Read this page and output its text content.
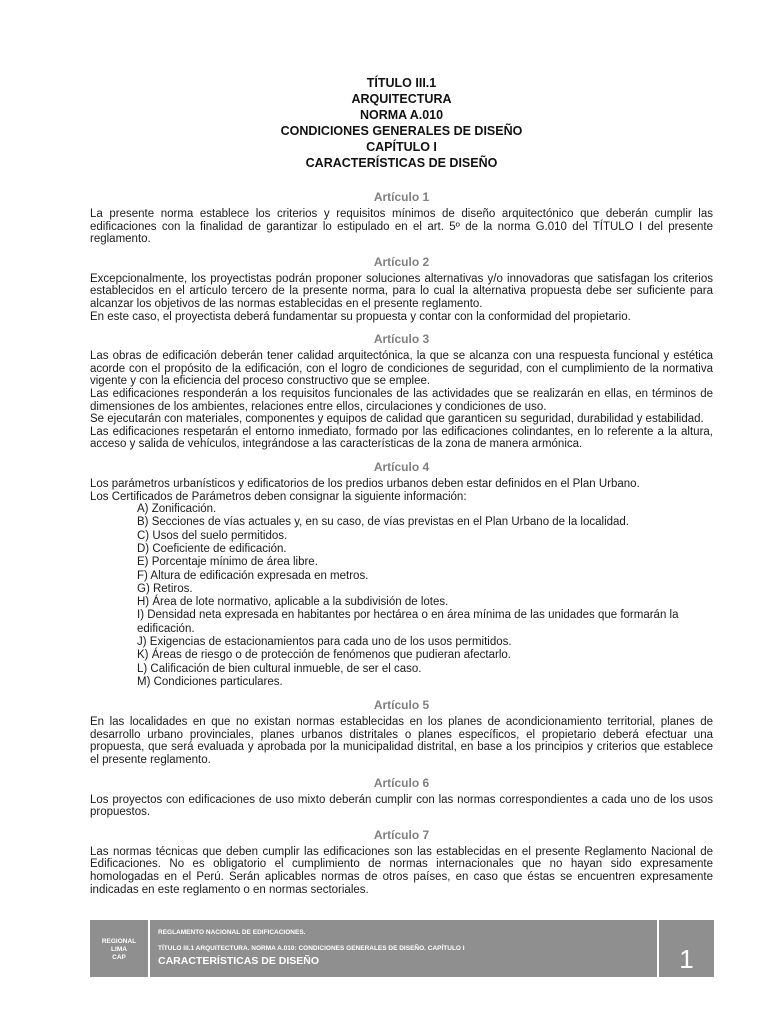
TÍTULO III.1
ARQUITECTURA
NORMA A.010
CONDICIONES GENERALES DE DISEÑO
CAPÍTULO I
CARACTERÍSTICAS DE DISEÑO
Artículo 1

La presente norma establece los criterios y requisitos mínimos de diseño arquitectónico que deberán cumplir las edificaciones con la finalidad de garantizar lo estipulado en el art. 5º de la norma G.010 del TÍTULO I del presente reglamento.

Artículo 2

Excepcionalmente, los proyectistas podrán proponer soluciones alternativas y/o innovadoras que satisfagan los criterios establecidos en el artículo tercero de la presente norma, para lo cual la alternativa propuesta debe ser suficiente para alcanzar los objetivos de las normas establecidas en el presente reglamento.

En este caso, el proyectista deberá fundamentar su propuesta y contar con la conformidad del propietario.

Artículo 3

Las obras de edificación deberán tener calidad arquitectónica, la que se alcanza con una respuesta funcional y estética acorde con el propósito de la edificación, con el logro de condiciones de seguridad, con el cumplimiento de la normativa vigente y con la eficiencia del proceso constructivo que se emplee.

Las edificaciones responderán a los requisitos funcionales de las actividades que se realizarán en ellas, en términos de dimensiones de los ambientes, relaciones entre ellos, circulaciones y condiciones de uso.

Se ejecutarán con materiales, componentes y equipos de calidad que garanticen su seguridad, durabilidad y estabilidad.

Las edificaciones respetarán el entorno inmediato, formado por las edificaciones colindantes, en lo referente a la altura, acceso y salida de vehículos, integrándose a las características de la zona de manera armónica.

Artículo 4

Los parámetros urbanísticos y edificatorios de los predios urbanos deben estar definidos en el Plan Urbano.

Los Certificados de Parámetros deben consignar la siguiente información:

A) Zonificación.
B) Secciones de vías actuales y, en su caso, de vías previstas en el Plan Urbano de la localidad.
C) Usos del suelo permitidos.
D) Coeficiente de edificación.
E) Porcentaje mínimo de área libre.
F) Altura de edificación expresada en metros.
G) Retiros.
H) Área de lote normativo, aplicable a la subdivisión de lotes.
I) Densidad neta expresada en habitantes por hectárea o en área mínima de las unidades que formarán la edificación.
J) Exigencias de estacionamientos para cada uno de los usos permitidos.
K) Áreas de riesgo o de protección de fenómenos que pudieran afectarlo.
L) Calificación de bien cultural inmueble, de ser el caso.
M) Condiciones particulares.
Artículo 5

En las localidades en que no existan normas establecidas en los planes de acondicionamiento territorial, planes de desarrollo urbano provinciales, planes urbanos distritales o planes específicos, el propietario deberá efectuar una propuesta, que será evaluada y aprobada por la municipalidad distrital, en base a los principios y criterios que establece el presente reglamento.

Artículo 6

Los proyectos con edificaciones de uso mixto deberán cumplir con las normas correspondientes a cada uno de los usos propuestos.

Artículo 7

Las normas técnicas que deben cumplir las edificaciones son las establecidas en el presente Reglamento Nacional de Edificaciones. No es obligatorio el cumplimiento de normas internacionales que no hayan sido expresamente homologadas en el Perú. Serán aplicables normas de otros países, en caso que éstas se encuentren expresamente indicadas en este reglamento o en normas sectoriales.

REGIONAL
LIMA
CAP
REGLAMENTO NACIONAL DE EDIFICACIONES.
TÍTULO III.1 ARQUITECTURA. NORMA A.010: CONDICIONES GENERALES DE DISEÑO. CAPÍTULO I
CARACTERÍSTICAS DE DISEÑO	1
